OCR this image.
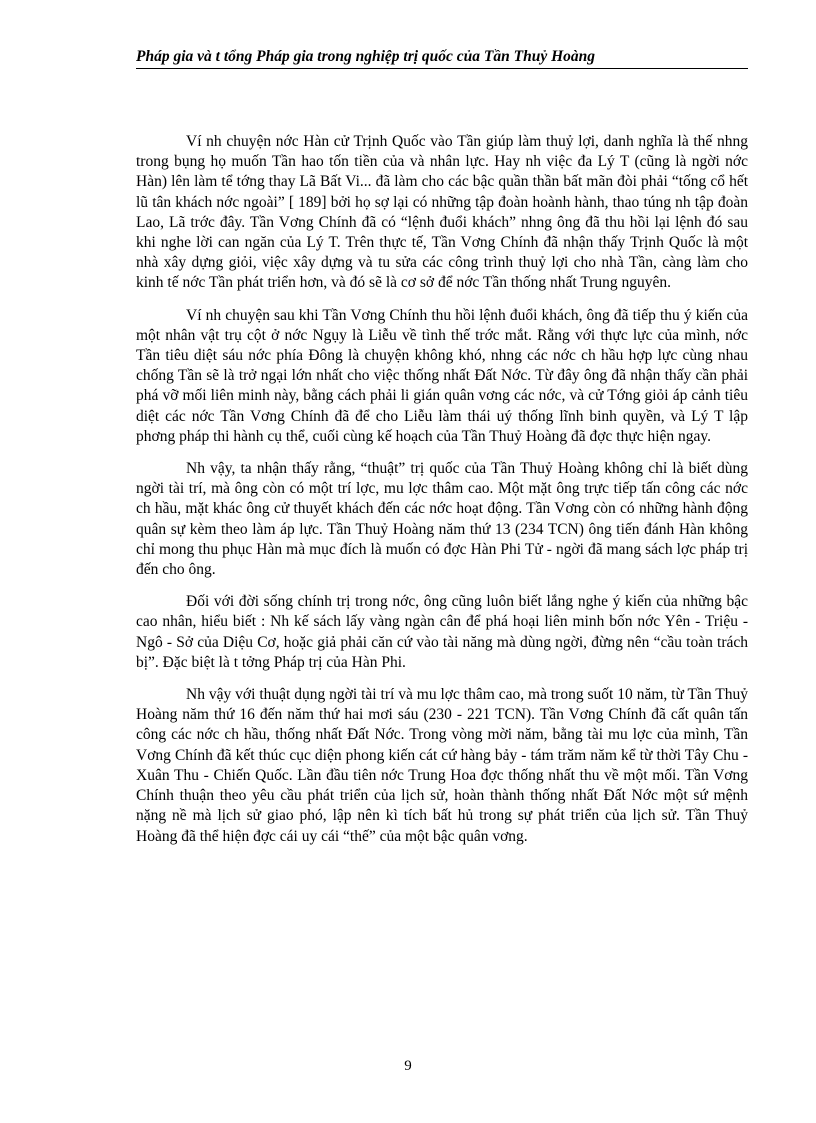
Pháp gia và t tổng Pháp gia trong nghiệp trị quốc của Tần Thuỷ Hoàng

Ví nh chuyện nớc Hàn cử Trịnh Quốc vào Tần giúp làm thuỷ lợi, danh nghĩa là thế nhng trong bụng họ muốn Tần hao tốn tiền của và nhân lực. Hay nh việc đa Lý T (cũng là ngời nớc Hàn) lên làm tể tớng thay Lã Bất Vi... đã làm cho các bậc quần thần bất mãn đòi phải “tống cổ hết lũ tân khách nớc ngoài” [ 189] bởi họ sợ lại có những tập đoàn hoành hành, thao túng nh tập đoàn Lao, Lã trớc đây. Tần Vơng Chính đã có “lệnh đuổi khách” nhng ông đã thu hồi lại lệnh đó sau khi nghe lời can ngăn của Lý T. Trên thực tế, Tần Vơng Chính đã nhận thấy Trịnh Quốc là một nhà xây dựng giỏi, việc xây dựng và tu sửa các công trình thuỷ lợi cho nhà Tần, càng làm cho kinh tế nớc Tần phát triển hơn, và đó sẽ là cơ sở để nớc Tần thống nhất Trung nguyên.

Ví nh chuyện sau khi Tần Vơng Chính thu hồi lệnh đuổi khách, ông đã tiếp thu ý kiến của một nhân vật trụ cột ở nớc Ngụy là Liễu về tình thế trớc mắt. Rằng với thực lực của mình, nớc Tần tiêu diệt sáu nớc phía Đông là chuyện không khó, nhng các nớc ch hầu hợp lực cùng nhau chống Tần sẽ là trở ngại lớn nhất cho việc thống nhất Đất Nớc. Từ đây ông đã nhận thấy cần phải phá vỡ mối liên minh này, bằng cách phải li gián quân vơng các nớc, và cử Tớng giỏi áp cảnh tiêu diệt các nớc Tần Vơng Chính đã để cho Liễu làm thái uý thống lĩnh binh quyền, và Lý T lập phơng pháp thi hành cụ thể, cuối cùng kế hoạch của Tần Thuỷ Hoàng đã đợc thực hiện ngay.

Nh vậy, ta nhận thấy rằng, “thuật” trị quốc của Tần Thuỷ Hoàng không chỉ là biết dùng ngời tài trí, mà ông còn có một trí lợc, mu lợc thâm cao. Một mặt ông trực tiếp tấn công các nớc ch hầu, mặt khác ông cử thuyết khách đến các nớc hoạt động. Tần Vơng còn có những hành động quân sự kèm theo làm áp lực. Tần Thuỷ Hoàng năm thứ 13 (234 TCN) ông tiến đánh Hàn không chỉ mong thu phục Hàn mà mục đích là muốn có đợc Hàn Phi Tử - ngời đã mang sách lợc pháp trị đến cho ông.

Đối với đời sống chính trị trong nớc, ông cũng luôn biết lắng nghe ý kiến của những bậc cao nhân, hiểu biết : Nh kế sách lấy vàng ngàn cân để phá hoại liên minh bốn nớc Yên - Triệu - Ngô - Sở của Diệu Cơ, hoặc giả phải căn cứ vào tài năng mà dùng ngời, đừng nên “cầu toàn trách bị”. Đặc biệt là t tởng Pháp trị của Hàn Phi.

Nh vậy với thuật dụng ngời tài trí và mu lợc thâm cao, mà trong suốt 10 năm, từ Tần Thuỷ Hoàng năm thứ 16 đến năm thứ hai mơi sáu (230 - 221 TCN). Tần Vơng Chính đã cất quân tấn công các nớc ch hầu, thống nhất Đất Nớc. Trong vòng mời năm, bằng tài mu lợc của mình, Tần Vơng Chính đã kết thúc cục diện phong kiến cát cứ hàng bảy - tám trăm năm kể từ thời Tây Chu - Xuân Thu - Chiến Quốc. Lần đầu tiên nớc Trung Hoa đợc thống nhất thu về một mối. Tần Vơng Chính thuận theo yêu cầu phát triển của lịch sử, hoàn thành thống nhất Đất Nớc một sứ mệnh nặng nề mà lịch sử giao phó, lập nên kì tích bất hủ trong sự phát triển của lịch sử. Tần Thuỷ Hoàng đã thể hiện đợc cái uy cái “thế” của một bậc quân vơng.

9
